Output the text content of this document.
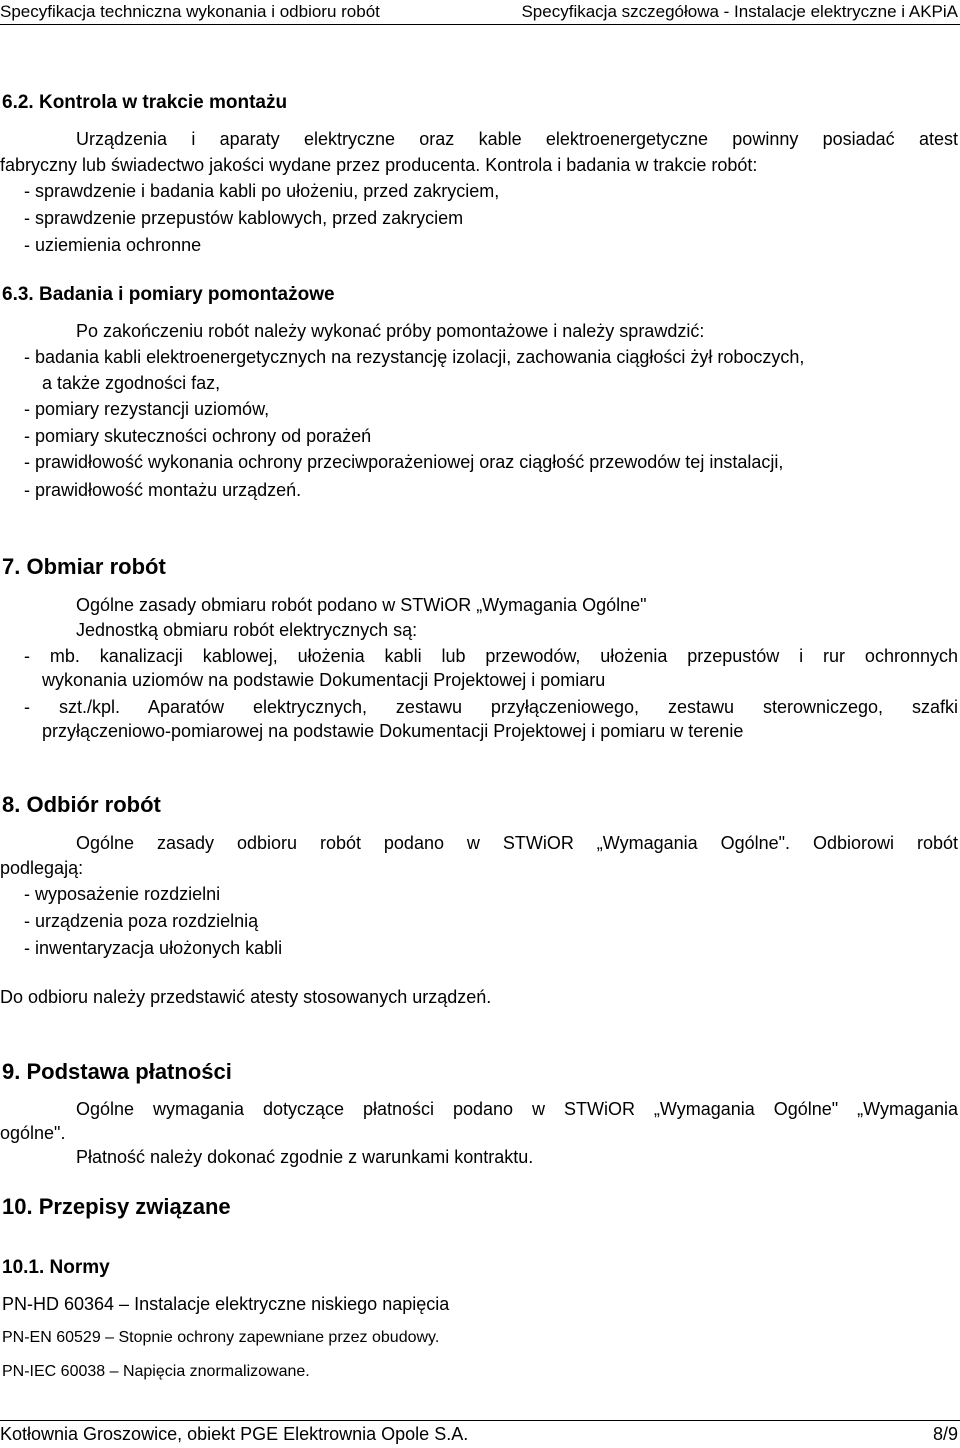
Specyfikacja techniczna wykonania i odbioru robót	Specyfikacja szczegółowa - Instalacje elektryczne i AKPiA
6.2. Kontrola w trakcie montażu
Urządzenia i aparaty elektryczne oraz kable elektroenergetyczne powinny posiadać atest
fabryczny lub świadectwo jakości wydane przez producenta. Kontrola i badania w trakcie robót:
- sprawdzenie i badania kabli po ułożeniu, przed zakryciem,
- sprawdzenie przepustów kablowych, przed zakryciem
- uziemienia ochronne
6.3. Badania i pomiary pomontażowe
Po zakończeniu robót należy wykonać próby pomontażowe i należy sprawdzić:
- badania kabli elektroenergetycznych na rezystancję izolacji, zachowania ciągłości żył roboczych,
a także zgodności faz,
- pomiary rezystancji uziomów,
- pomiary skuteczności ochrony od porażeń
- prawidłowość wykonania ochrony przeciwporażeniowej oraz ciągłość przewodów tej instalacji,
- prawidłowość montażu urządzeń.
7. Obmiar robót
Ogólne zasady obmiaru robót podano w STWiOR „Wymagania Ogólne"
Jednostką obmiaru robót elektrycznych są:
- mb. kanalizacji kablowej, ułożenia kabli lub przewodów, ułożenia przepustów i rur ochronnych
wykonania uziomów na podstawie Dokumentacji Projektowej i pomiaru
- szt./kpl. Aparatów elektrycznych, zestawu przyłączeniowego, zestawu sterowniczego, szafki
przyłączeniowo-pomiarowej na podstawie Dokumentacji Projektowej i pomiaru w terenie
8. Odbiór robót
Ogólne zasady odbioru robót podano w STWiOR „Wymagania Ogólne". Odbiorowi robót
podlegają:
- wyposażenie rozdzielni
- urządzenia poza rozdzielnią
- inwentaryzacja ułożonych kabli
Do odbioru należy przedstawić atesty stosowanych urządzeń.
9. Podstawa płatności
Ogólne wymagania dotyczące płatności podano w STWiOR „Wymagania Ogólne" „Wymagania
ogólne".
Płatność należy dokonać zgodnie z warunkami kontraktu.
10. Przepisy związane
10.1. Normy
PN-HD 60364 – Instalacje elektryczne niskiego napięcia
PN-EN 60529 – Stopnie ochrony zapewniane przez obudowy.
PN-IEC 60038 – Napięcia znormalizowane.
Kotłownia Groszowice, obiekt PGE Elektrownia Opole S.A.	8/9
